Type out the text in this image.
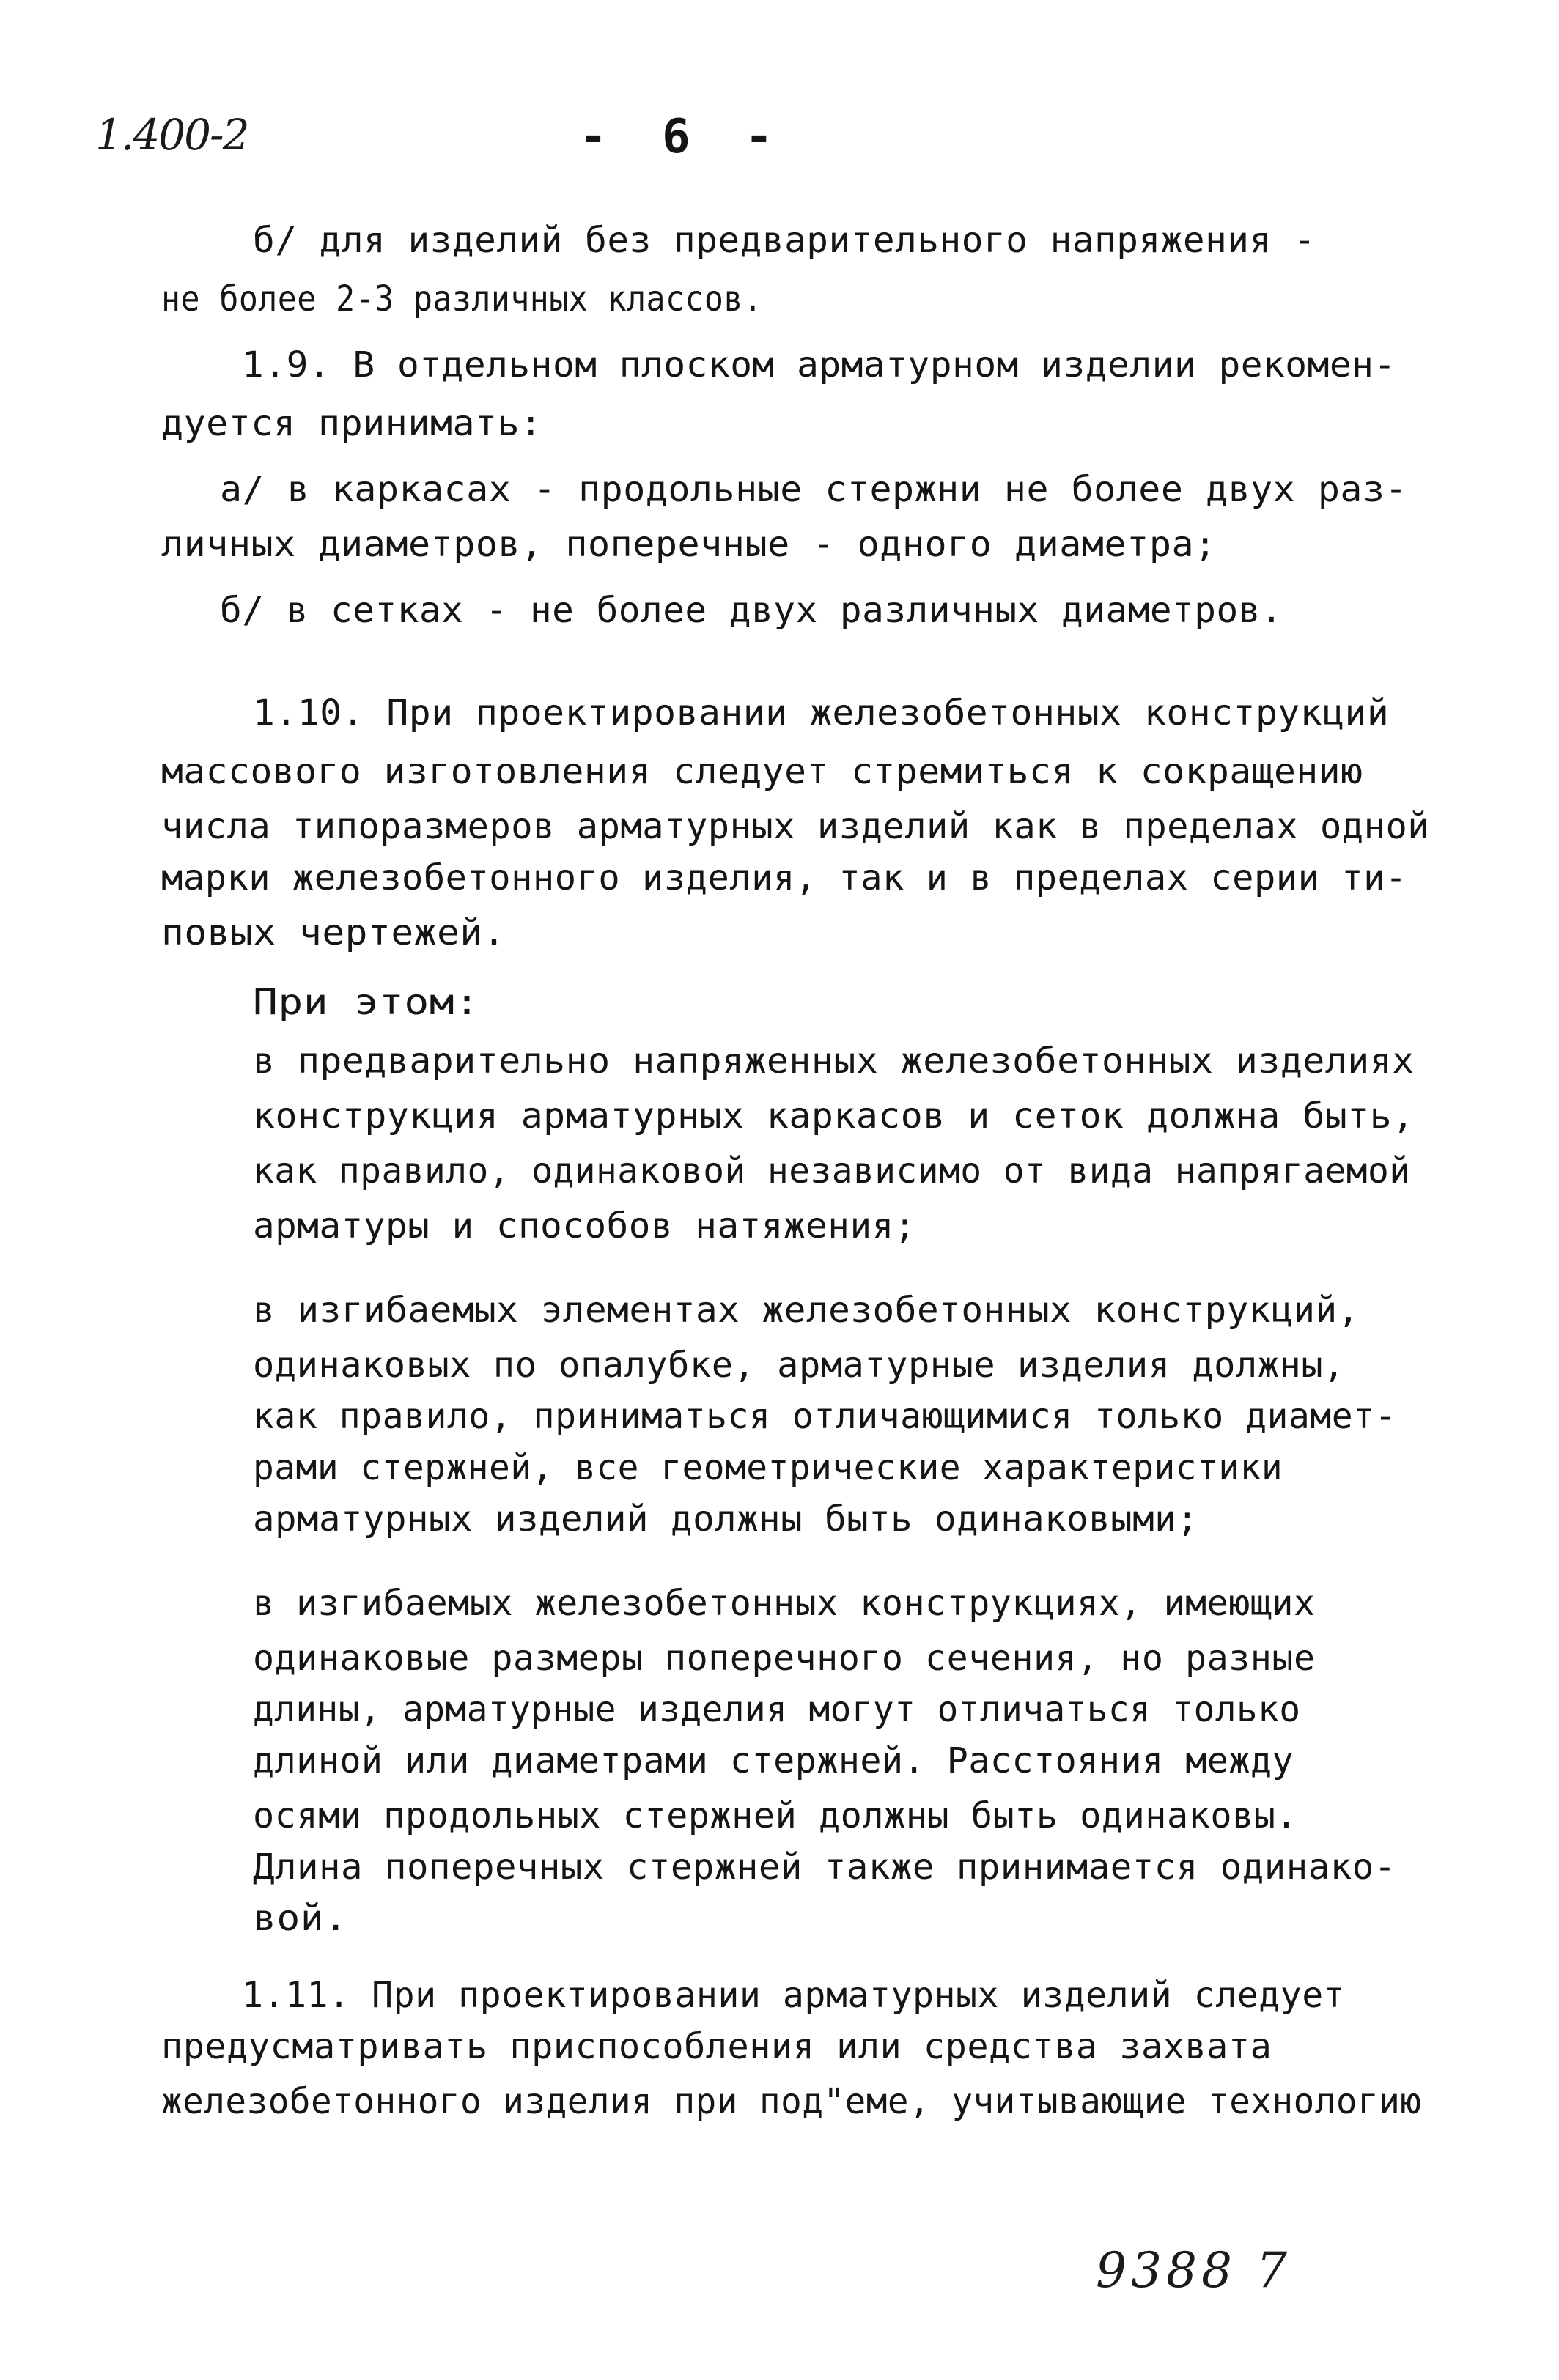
1.400-2	- 6 -
б/ для изделий без предварительного напряжения -
не более 2-3 различных классов.
1.9. В отдельном плоском арматурном изделии рекомен-
дуется принимать:
а/ в каркасах - продольные стержни не более двух раз-
личных диаметров, поперечные - одного диаметра;
б/ в сетках - не более двух различных диаметров.
1.10. При проектировании железобетонных конструкций
массового изготовления следует стремиться к сокращению
числа типоразмеров арматурных изделий как в пределах одной
марки железобетонного изделия, так и в пределах серии ти-
повых чертежей.
При этом:
в предварительно напряженных железобетонных изделиях
конструкция арматурных каркасов и сеток должна быть,
как правило, одинаковой независимо от вида напрягаемой
арматуры и способов натяжения;
в изгибаемых элементах железобетонных конструкций,
одинаковых по опалубке, арматурные изделия должны,
как правило, приниматься отличающимися только диамет-
рами стержней, все геометрические характеристики
арматурных изделий должны быть одинаковыми;
в изгибаемых железобетонных конструкциях, имеющих
одинаковые размеры поперечного сечения, но разные
длины, арматурные изделия могут отличаться только
длиной или диаметрами стержней. Расстояния между
осями продольных стержней должны быть одинаковы.
Длина поперечных стержней также принимается одинако-
вой.
1.11. При проектировании арматурных изделий следует
предусматривать приспособления или средства захвата
железобетонного изделия при под"еме, учитывающие технологию
9388 7
